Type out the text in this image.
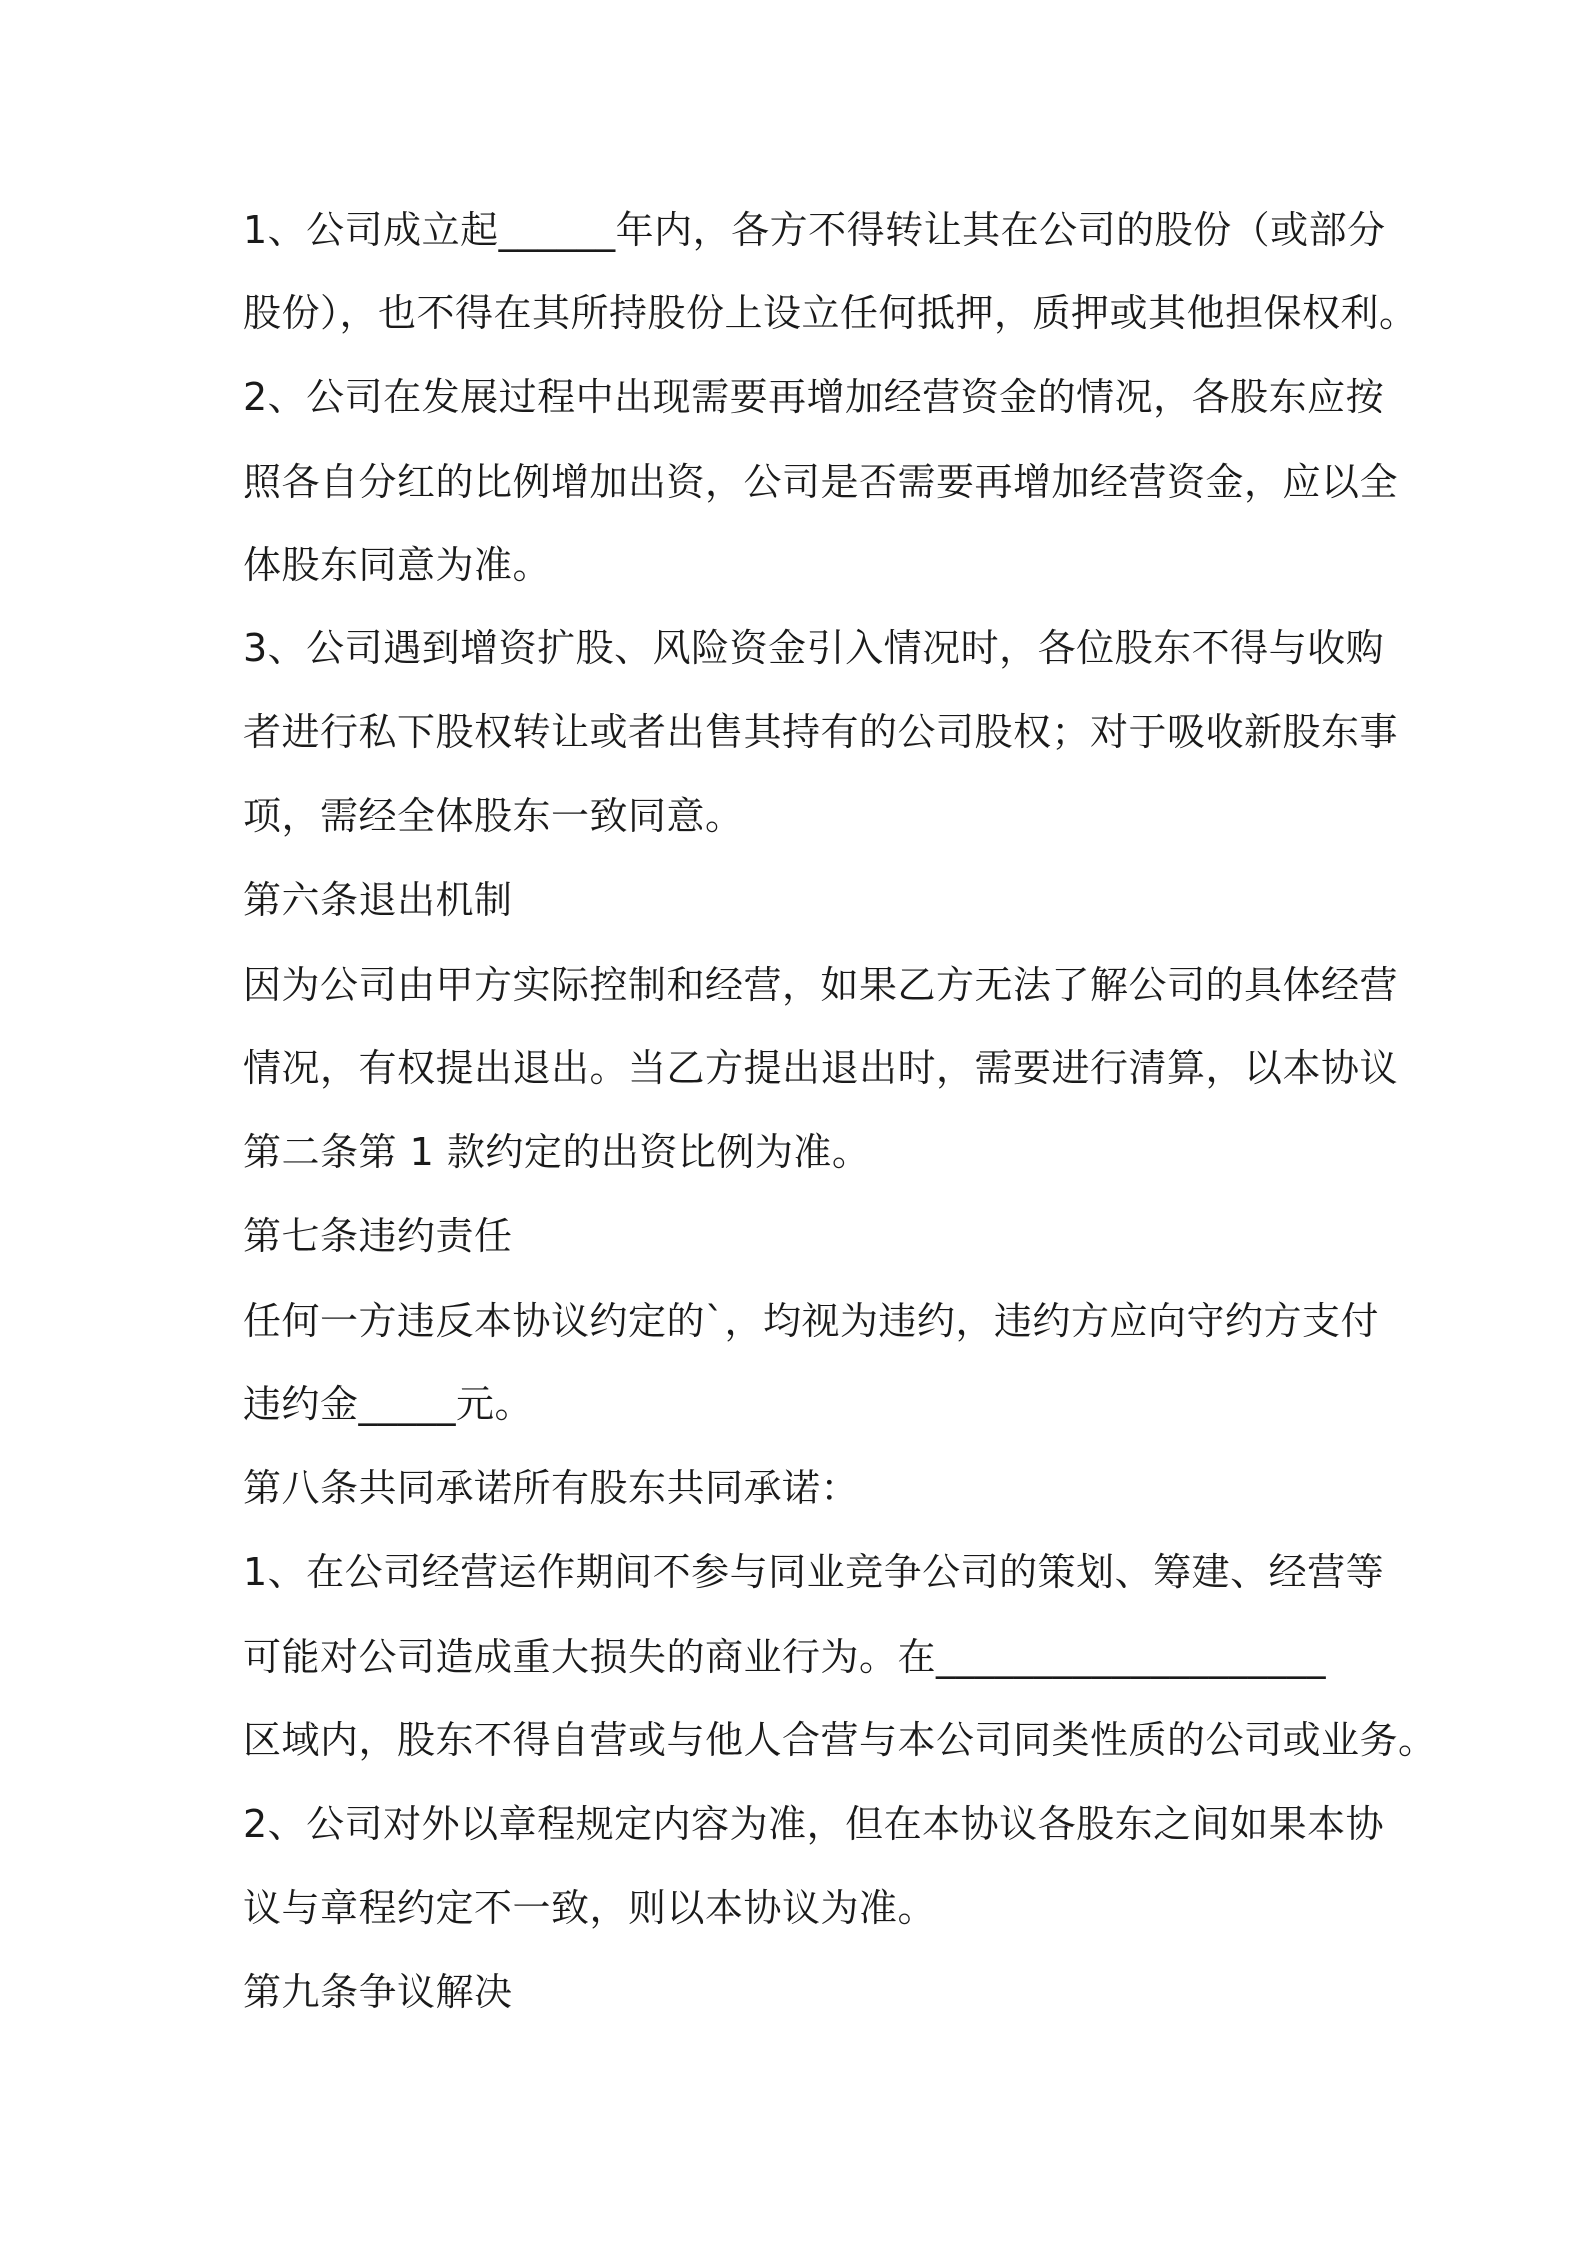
1、公司成立起______年内，各方不得转让其在公司的股份（或部分
股份），也不得在其所持股份上设立任何抵押，质押或其他担保权利。
2、公司在发展过程中出现需要再增加经营资金的情况，各股东应按
照各自分红的比例增加出资，公司是否需要再增加经营资金，应以全
体股东同意为准。
3、公司遇到增资扩股、风险资金引入情况时，各位股东不得与收购
者进行私下股权转让或者出售其持有的公司股权；对于吸收新股东事
项，需经全体股东一致同意。
第六条退出机制
因为公司由甲方实际控制和经营，如果乙方无法了解公司的具体经营
情况，有权提出退出。当乙方提出退出时，需要进行清算，以本协议
第二条第 1 款约定的出资比例为准。
第七条违约责任
任何一方违反本协议约定的`，均视为违约，违约方应向守约方支付
违约金_____元。
第八条共同承诺所有股东共同承诺：
1、在公司经营运作期间不参与同业竞争公司的策划、筹建、经营等
可能对公司造成重大损失的商业行为。在____________________
区域内，股东不得自营或与他人合营与本公司同类性质的公司或业务。
2、公司对外以章程规定内容为准，但在本协议各股东之间如果本协
议与章程约定不一致，则以本协议为准。
第九条争议解决
